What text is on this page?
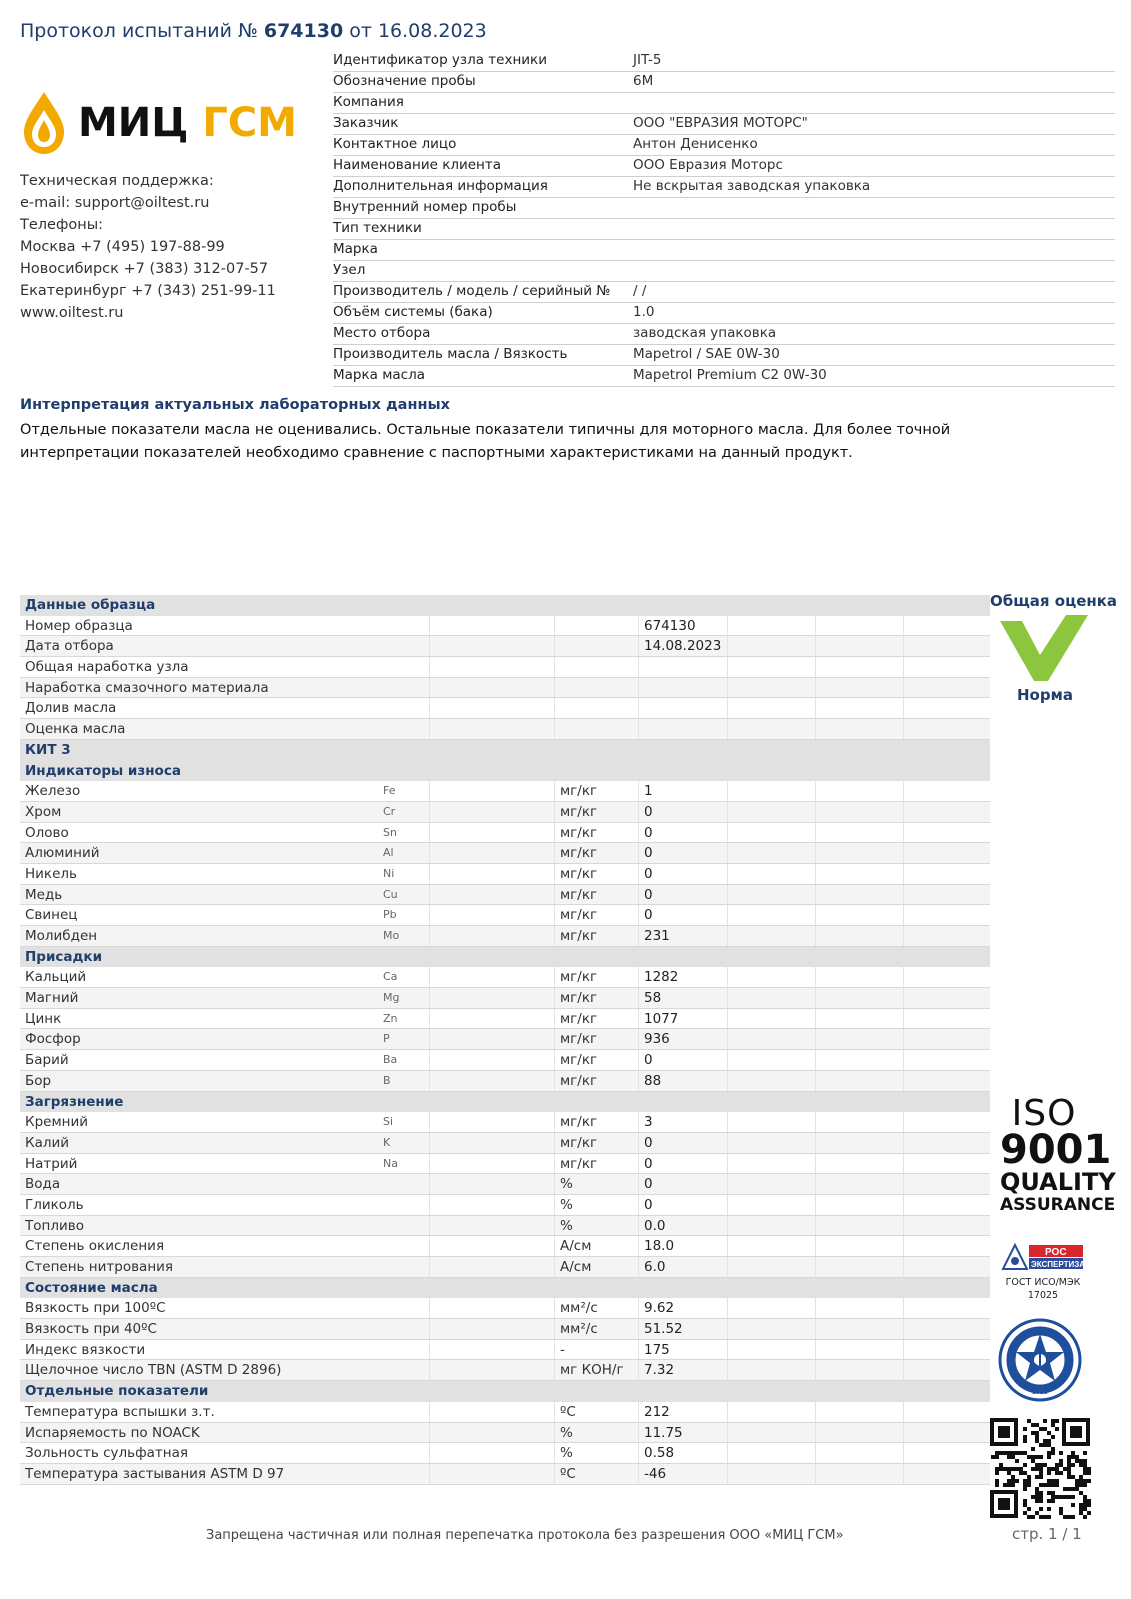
Протокол испытаний № 674130 от 16.08.2023
МИЦ ГСМ
Техническая поддержка:
e-mail: support@oiltest.ru
Телефоны:
Москва +7 (495) 197-88-99
Новосибирск +7 (383) 312-07-57
Екатеринбург +7 (343) 251-99-11
www.oiltest.ru
Идентификатор узла техники	JIT-5
Обозначение пробы	6M
Компания
Заказчик	ООО "ЕВРАЗИЯ МОТОРС"
Контактное лицо	Антон Денисенко
Наименование клиента	ООО Евразия Моторс
Дополнительная информация	Не вскрытая заводская упаковка
Внутренний номер пробы
Тип техники
Марка
Узел
Производитель / модель / серийный №	/ /
Объём системы (бака)	1.0
Место отбора	заводская упаковка
Производитель масла / Вязкость	Mapetrol / SAE 0W-30
Марка масла	Mapetrol Premium C2 0W-30
Интерпретация актуальных лабораторных данных
Отдельные показатели масла не оценивались. Остальные показатели типичны для моторного масла. Для более точной интерпретации показателей необходимо сравнение с паспортными характеристиками на данный продукт.
Данные образца
Номер образца	674130
Дата отбора	14.08.2023
Общая наработка узла
Наработка смазочного материала
Долив масла
Оценка масла
КИТ 3
Индикаторы износа
Железо	Fe	мг/кг	1
Хром	Cr	мг/кг	0
Олово	Sn	мг/кг	0
Алюминий	Al	мг/кг	0
Никель	Ni	мг/кг	0
Медь	Cu	мг/кг	0
Свинец	Pb	мг/кг	0
Молибден	Mo	мг/кг	231
Присадки
Кальций	Ca	мг/кг	1282
Магний	Mg	мг/кг	58
Цинк	Zn	мг/кг	1077
Фосфор	P	мг/кг	936
Барий	Ba	мг/кг	0
Бор	B	мг/кг	88
Загрязнение
Кремний	Si	мг/кг	3
Калий	K	мг/кг	0
Натрий	Na	мг/кг	0
Вода	%	0
Гликоль	%	0
Топливо	%	0.0
Степень окисления	А/см	18.0
Степень нитрования	А/см	6.0
Состояние масла
Вязкость при 100ºC	мм²/с	9.62
Вязкость при 40ºC	мм²/с	51.52
Индекс вязкости	-	175
Щелочное число TBN (ASTM D 2896)	мг КОН/г	7.32
Отдельные показатели
Температура вспышки з.т.	ºC	212
Испаряемость по NOACK	%	11.75
Зольность сульфатная	%	0.58
Температура застывания ASTM D 97	ºC	-46
Общая оценка
Норма
ISO
9001
QUALITY
ASSURANCE
РОС
ЭКСПЕРТИЗА
ГОСТ ИСО/МЭК
17025
1913
Запрещена частичная или полная перепечатка протокола без разрешения ООО «МИЦ ГСМ»	стр. 1 / 1
